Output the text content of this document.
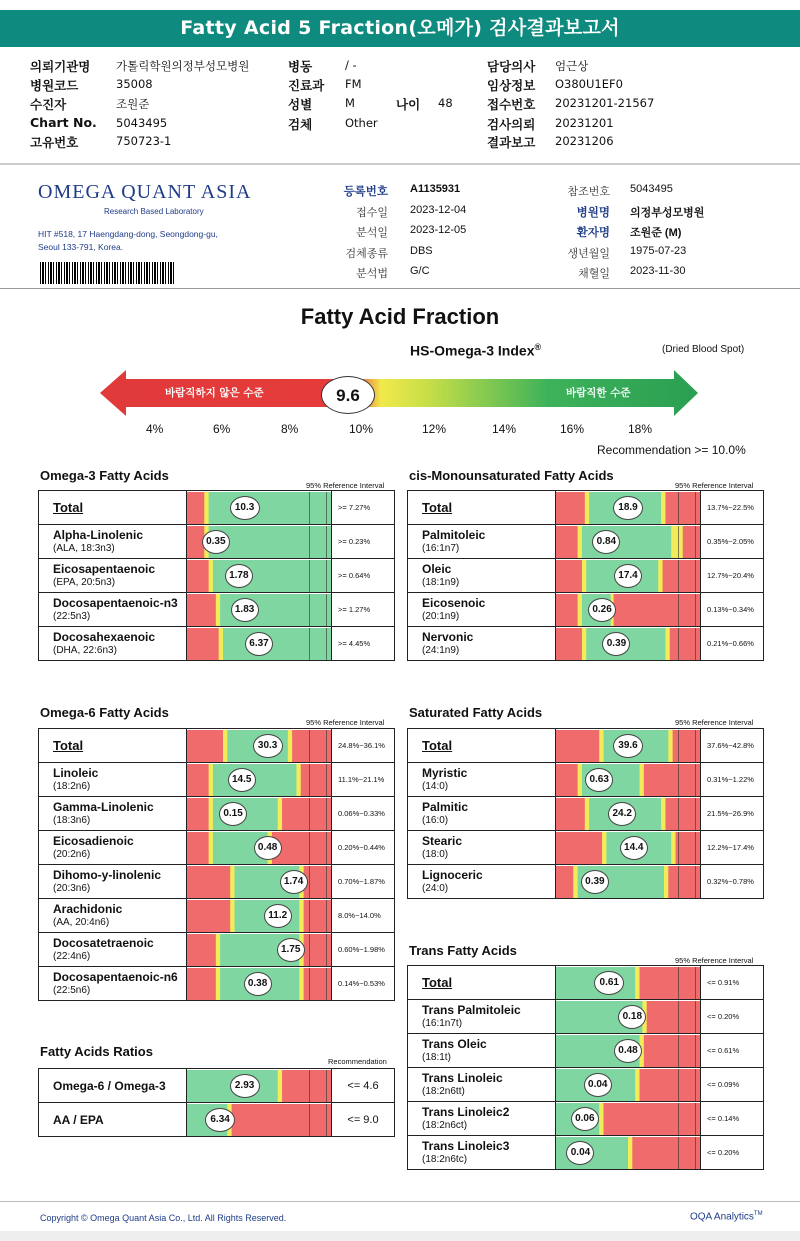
Fatty Acid 5 Fraction(오메가) 검사결과보고서
의뢰기관명 가톨릭학원의정부성모병원
병원코드	35008
수진자	조원준
Chart No. 5043495
고유번호	750723-1
병동	/ -
진료과 FM
성별	M
검체	Other
담당의사 엄근상
임상정보 O380U1EF0
접수번호 20231201-21567
검사의뢰 20231201
결과보고 20231206
나이 48
OMEGA QUANT ASIA
Research Based Laboratory
HIT #518, 17 Haengdang-dong, Seongdong-gu,
Seoul 133-791, Korea.
등록번호 A1135931
접수일 2023-12-04
분석일 2023-12-05
검체종류 DBS
분석법 G/C
참조번호 5043495
병원명 의정부성모병원
환자명 조원준 (M)
생년월일 1975-07-23
채혈일 2023-11-30
Fatty Acid Fraction
HS-Omega-3 Index®	(Dried Blood Spot)
바람직하지 않은 수준	바람직한 수준
9.6
4%	6%	8%	10%	12%	14%	16%	18%
Recommendation >= 10.0%
Omega-3 Fatty Acids
95% Reference Interval
Total	10.3	>= 7.27%
Alpha-Linolenic
(ALA, 18:3n3)	0.35	>= 0.23%
Eicosapentaenoic
(EPA, 20:5n3)	1.78	>= 0.64%
Docosapentaenoic-n3
(22:5n3)	1.83	>= 1.27%
Docosahexaenoic
(DHA, 22:6n3)	6.37	>= 4.45%
cis-Monounsaturated Fatty Acids
95% Reference Interval
Total	18.9	13.7%~22.5%
Palmitoleic
(16:1n7)	0.84	0.35%~2.05%
Oleic
(18:1n9)	17.4	12.7%~20.4%
Eicosenoic
(20:1n9)	0.26	0.13%~0.34%
Nervonic
(24:1n9)	0.39	0.21%~0.66%
Omega-6 Fatty Acids
95% Reference Interval
Total	30.3	24.8%~36.1%
Linoleic
(18:2n6)	14.5	11.1%~21.1%
Gamma-Linolenic
(18:3n6)	0.15	0.06%~0.33%
Eicosadienoic
(20:2n6)	0.48	0.20%~0.44%
Dihomo-y-linolenic
(20:3n6)	1.74	0.70%~1.87%
Arachidonic
(AA, 20:4n6)	11.2	8.0%~14.0%
Docosatetraenoic
(22:4n6)	1.75	0.60%~1.98%
Docosapentaenoic-n6
(22:5n6)	0.38	0.14%~0.53%
Saturated Fatty Acids
95% Reference Interval
Total	39.6	37.6%~42.8%
Myristic
(14:0)	0.63	0.31%~1.22%
Palmitic
(16:0)	24.2	21.5%~26.9%
Stearic
(18:0)	14.4	12.2%~17.4%
Lignoceric
(24:0)	0.39	0.32%~0.78%
Trans Fatty Acids
95% Reference Interval
Total	0.61	<= 0.91%
Trans Palmitoleic
(16:1n7t)	0.18	<= 0.20%
Trans Oleic
(18:1t)	0.48	<= 0.61%
Trans Linoleic
(18:2n6tt)	0.04	<= 0.09%
Trans Linoleic2
(18:2n6ct)	0.06	<= 0.14%
Trans Linoleic3
(18:2n6tc)	0.04	<= 0.20%
Fatty Acids Ratios
Recommendation
Omega-6 / Omega-3	2.93	<= 4.6
AA / EPA	6.34	<= 9.0
Copyright © Omega Quant Asia Co., Ltd. All Rights Reserved.	OQA Analytics™
